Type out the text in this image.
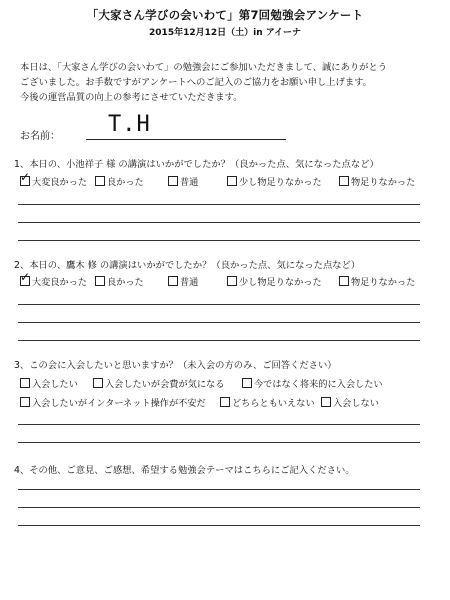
「大家さん学びの会いわて」第7回勉強会アンケート
2015年12月12日（土）in アイーナ
本日は、「大家さん学びの会いわて」の勉強会にご参加いただきまして、誠にありがとう
ございました。お手数ですがアンケートへのご記入のご協力をお願い申し上げます。
今後の運営品質の向上の参考にさせていただきます。
お名前： T.H
1、本日の、小池祥子 様 の講演はいかがでしたか？（良かった点、気になった点など）
✓大変良かった	良かった	普通	少し物足りなかった	物足りなかった
2、本日の、鷹木 修 の講演はいかがでしたか？（良かった点、気になった点など）
✓大変良かった	良かった	普通	少し物足りなかった	物足りなかった
3、この会に入会したいと思いますか？（未入会の方のみ、ご回答ください）
入会したい	入会したいが会費が気になる	今ではなく将来的に入会したい
入会したいがインターネット操作が不安だ	どちらともいえない	入会しない
4、その他、ご意見、ご感想、希望する勉強会テーマはこちらにご記入ください。
